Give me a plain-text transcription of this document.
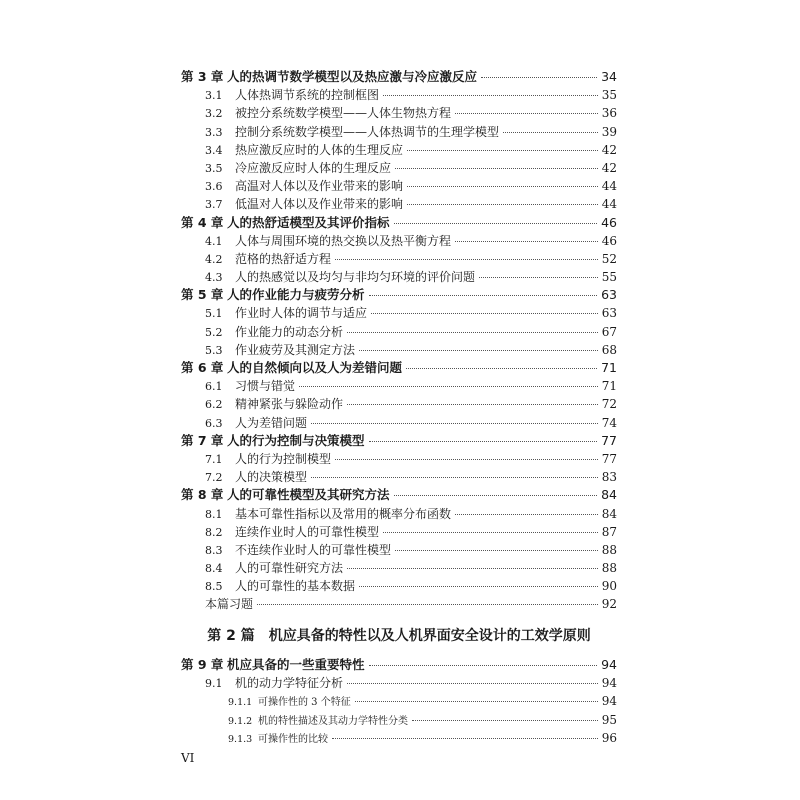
第 3 章 人的热调节数学模型以及热应激与冷应激反应	34
3.1	人体热调节系统的控制框图	35
3.2	被控分系统数学模型——人体生物热方程	36
3.3	控制分系统数学模型——人体热调节的生理学模型	39
3.4	热应激反应时的人体的生理反应	42
3.5	冷应激反应时人体的生理反应	42
3.6	高温对人体以及作业带来的影响	44
3.7	低温对人体以及作业带来的影响	44
第 4 章 人的热舒适模型及其评价指标	46
4.1	人体与周围环境的热交换以及热平衡方程	46
4.2	范格的热舒适方程	52
4.3	人的热感觉以及均匀与非均匀环境的评价问题	55
第 5 章 人的作业能力与疲劳分析	63
5.1	作业时人体的调节与适应	63
5.2	作业能力的动态分析	67
5.3	作业疲劳及其测定方法	68
第 6 章 人的自然倾向以及人为差错问题	71
6.1	习惯与错觉	71
6.2	精神紧张与躲险动作	72
6.3	人为差错问题	74
第 7 章 人的行为控制与决策模型	77
7.1	人的行为控制模型	77
7.2	人的决策模型	83
第 8 章 人的可靠性模型及其研究方法	84
8.1	基本可靠性指标以及常用的概率分布函数	84
8.2	连续作业时人的可靠性模型	87
8.3	不连续作业时人的可靠性模型	88
8.4	人的可靠性研究方法	88
8.5	人的可靠性的基本数据	90
本篇习题	92
第 2 篇 机应具备的特性以及人机界面安全设计的工效学原则
第 9 章 机应具备的一些重要特性	94
9.1	机的动力学特征分析	94
9.1.1 可操作性的 3 个特征	94
9.1.2 机的特性描述及其动力学特性分类	95
9.1.3 可操作性的比较	96
VI
